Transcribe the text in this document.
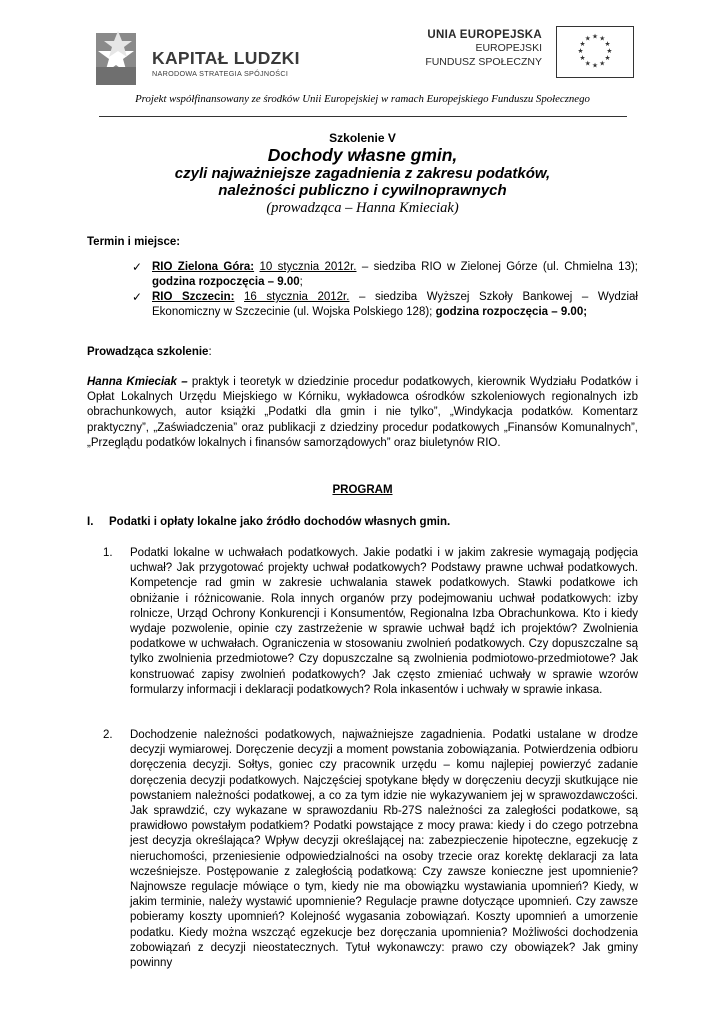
KAPITAŁ LUDZKI
NARODOWA STRATEGIA SPÓJNOŚCI
UNIA EUROPEJSKA
EUROPEJSKI
FUNDUSZ SPOŁECZNY
★ ★
★
★
★
★
★
★
★
★
★
★
Projekt współfinansowany ze środków Unii Europejskiej w ramach Europejskiego Funduszu Społecznego
Szkolenie V
Dochody własne gmin,
czyli najważniejsze zagadnienia z zakresu podatków,
należności publiczno i cywilnoprawnych
(prowadząca – Hanna Kmieciak)
Termin i miejsce:
✓ RIO Zielona Góra: 10 stycznia 2012r. – siedziba RIO w Zielonej Górze (ul. Chmielna 13); godzina rozpoczęcia – 9.00;
✓ RIO Szczecin: 16 stycznia 2012r. – siedziba Wyższej Szkoły Bankowej – Wydział Ekonomiczny w Szczecinie (ul. Wojska Polskiego 128); godzina rozpoczęcia – 9.00;
Prowadząca szkolenie:
Hanna Kmieciak – praktyk i teoretyk w dziedzinie procedur podatkowych, kierownik Wydziału Podatków i Opłat Lokalnych Urzędu Miejskiego w Kórniku, wykładowca ośrodków szkoleniowych regionalnych izb obrachunkowych, autor książki „Podatki dla gmin i nie tylko”, „Windykacja podatków. Komentarz praktyczny”, „Zaświadczenia” oraz publikacji z dziedziny procedur podatkowych „Finansów Komunalnych”, „Przeglądu podatków lokalnych i finansów samorządowych” oraz biuletynów RIO.
PROGRAM
I. Podatki i opłaty lokalne jako źródło dochodów własnych gmin.
1. Podatki lokalne w uchwałach podatkowych. Jakie podatki i w jakim zakresie wymagają podjęcia uchwał? Jak przygotować projekty uchwał podatkowych? Podstawy prawne uchwał podatkowych. Kompetencje rad gmin w zakresie uchwalania stawek podatkowych. Stawki podatkowe ich obniżanie i różnicowanie. Rola innych organów przy podejmowaniu uchwał podatkowych: izby rolnicze, Urząd Ochrony Konkurencji i Konsumentów, Regionalna Izba Obrachunkowa. Kto i kiedy wydaje pozwolenie, opinie czy zastrzeżenie w sprawie uchwał bądź ich projektów? Zwolnienia podatkowe w uchwałach. Ograniczenia w stosowaniu zwolnień podatkowych. Czy dopuszczalne są tylko zwolnienia przedmiotowe? Czy dopuszczalne są zwolnienia podmiotowo-przedmiotowe? Jak konstruować zapisy zwolnień podatkowych? Jak często zmieniać uchwały w sprawie wzorów formularzy informacji i deklaracji podatkowych? Rola inkasentów i uchwały w sprawie inkasa.
2. Dochodzenie należności podatkowych, najważniejsze zagadnienia. Podatki ustalane w drodze decyzji wymiarowej. Doręczenie decyzji a moment powstania zobowiązania. Potwierdzenia odbioru doręczenia decyzji. Sołtys, goniec czy pracownik urzędu – komu najlepiej powierzyć zadanie doręczenia decyzji podatkowych. Najczęściej spotykane błędy w doręczeniu decyzji skutkujące nie powstaniem należności podatkowej, a co za tym idzie nie wykazywaniem jej w sprawozdawczości. Jak sprawdzić, czy wykazane w sprawozdaniu Rb-27S należności za zaległości podatkowe, są prawidłowo powstałym podatkiem? Podatki powstające z mocy prawa: kiedy i do czego potrzebna jest decyzja określająca? Wpływ decyzji określającej na: zabezpieczenie hipoteczne, egzekucję z nieruchomości, przeniesienie odpowiedzialności na osoby trzecie oraz korektę deklaracji za lata wcześniejsze. Postępowanie z zaległością podatkową: Czy zawsze konieczne jest upomnienie? Najnowsze regulacje mówiące o tym, kiedy nie ma obowiązku wystawiania upomnień? Kiedy, w jakim terminie, należy wystawić upomnienie? Regulacje prawne dotyczące upomnień. Czy zawsze pobieramy koszty upomnień? Kolejność wygasania zobowiązań. Koszty upomnień a umorzenie podatku. Kiedy można wszcząć egzekucje bez doręczania upomnienia? Możliwości dochodzenia zobowiązań z decyzji nieostatecznych. Tytuł wykonawczy: prawo czy obowiązek? Jak gminy powinny
